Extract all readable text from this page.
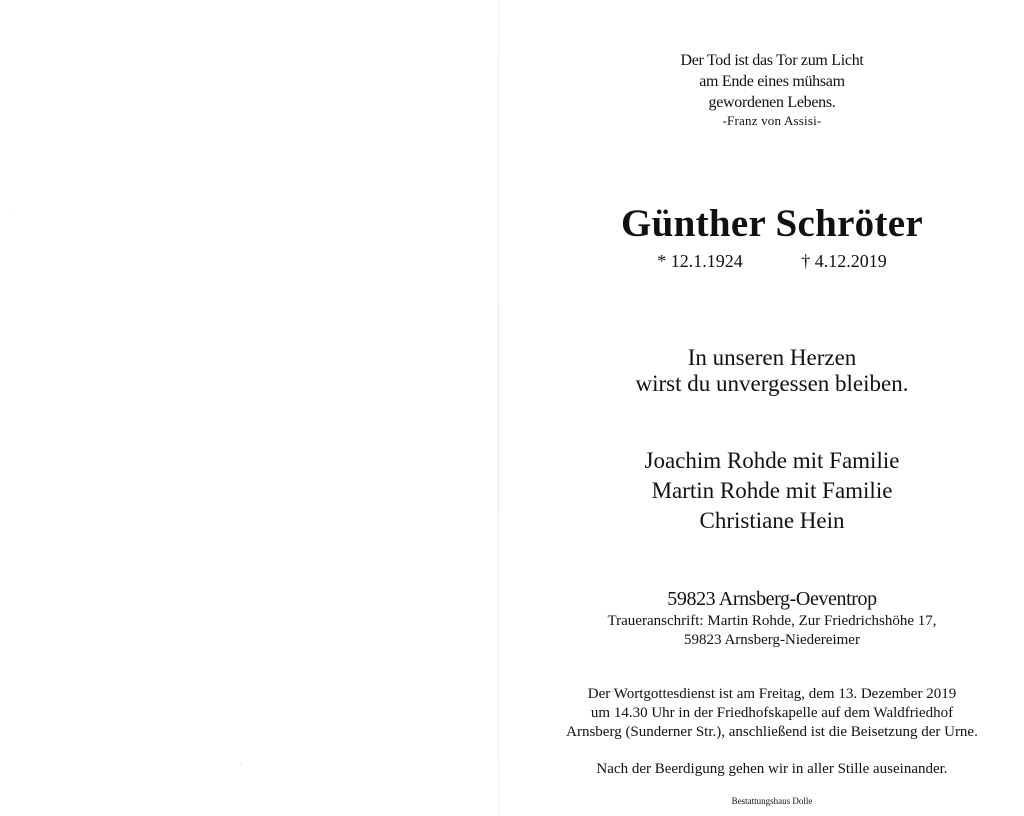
Der Tod ist das Tor zum Licht
am Ende eines mühsam
gewordenen Lebens.
-Franz von Assisi-
Günther Schröter
* 12.1.1924	† 4.12.2019
In unseren Herzen
wirst du unvergessen bleiben.
Joachim Rohde mit Familie
Martin Rohde mit Familie
Christiane Hein
59823 Arnsberg-Oeventrop
Traueranschrift: Martin Rohde, Zur Friedrichshöhe 17,
59823 Arnsberg-Niedereimer
Der Wortgottesdienst ist am Freitag, dem 13. Dezember 2019
um 14.30 Uhr in der Friedhofskapelle auf dem Waldfriedhof
Arnsberg (Sunderner Str.), anschließend ist die Beisetzung der Urne.
Nach der Beerdigung gehen wir in aller Stille auseinander.
Bestattungshaus Dolle
